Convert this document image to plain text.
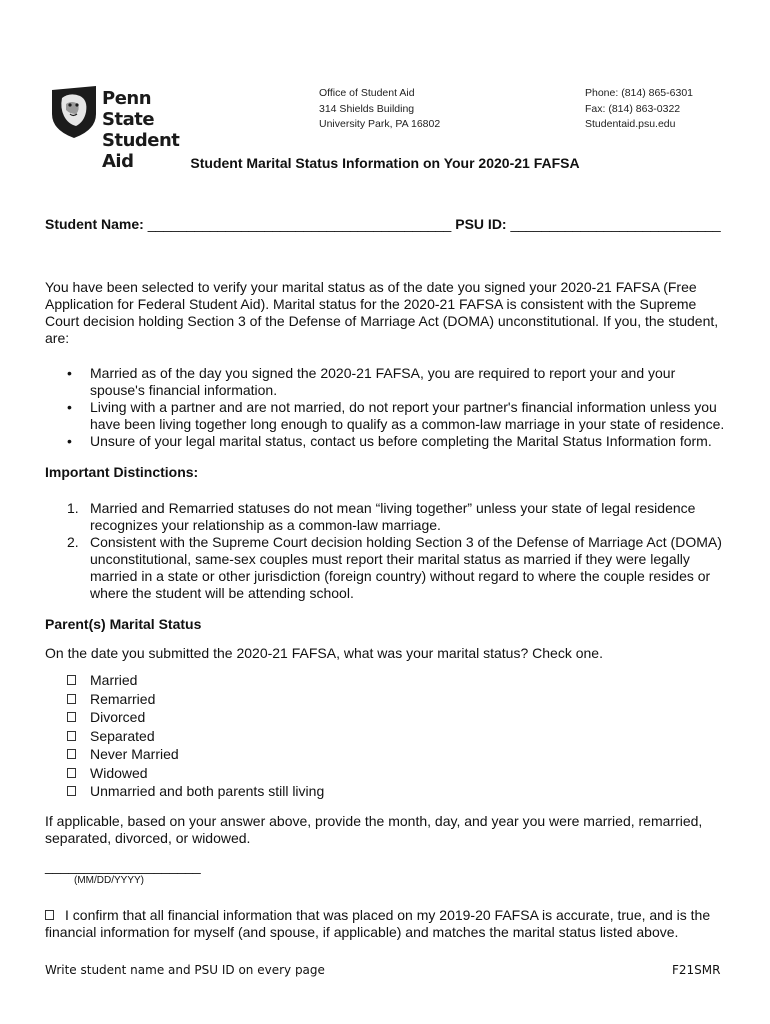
Penn State
Student Aid
Office of Student Aid
314 Shields Building
University Park, PA 16802
Phone: (814) 865-6301
Fax: (814) 863-0322
Studentaid.psu.edu
Student Marital Status Information on Your 2020-21 FAFSA
Student Name: _______________________________________ PSU ID: ___________________________
You have been selected to verify your marital status as of the date you signed your 2020-21 FAFSA (Free
Application for Federal Student Aid). Marital status for the 2020-21 FAFSA is consistent with the Supreme
Court decision holding Section 3 of the Defense of Marriage Act (DOMA) unconstitutional. If you, the student,
are:
• Married as of the day you signed the 2020-21 FAFSA, you are required to report your and your
spouse's financial information.
• Living with a partner and are not married, do not report your partner's financial information unless you
have been living together long enough to qualify as a common-law marriage in your state of residence.
• Unsure of your legal marital status, contact us before completing the Marital Status Information form.
Important Distinctions:
1. Married and Remarried statuses do not mean “living together” unless your state of legal residence
recognizes your relationship as a common-law marriage.
2. Consistent with the Supreme Court decision holding Section 3 of the Defense of Marriage Act (DOMA)
unconstitutional, same-sex couples must report their marital status as married if they were legally
married in a state or other jurisdiction (foreign country) without regard to where the couple resides or
where the student will be attending school.
Parent(s) Marital Status
On the date you submitted the 2020-21 FAFSA, what was your marital status? Check one.
Married
Remarried
Divorced
Separated
Never Married
Widowed
Unmarried and both parents still living
If applicable, based on your answer above, provide the month, day, and year you were married, remarried,
separated, divorced, or widowed.
____________________
(MM/DD/YYYY)
I confirm that all financial information that was placed on my 2019-20 FAFSA is accurate, true, and is the
financial information for myself (and spouse, if applicable) and matches the marital status listed above.
Write student name and PSU ID on every page	F21SMR
